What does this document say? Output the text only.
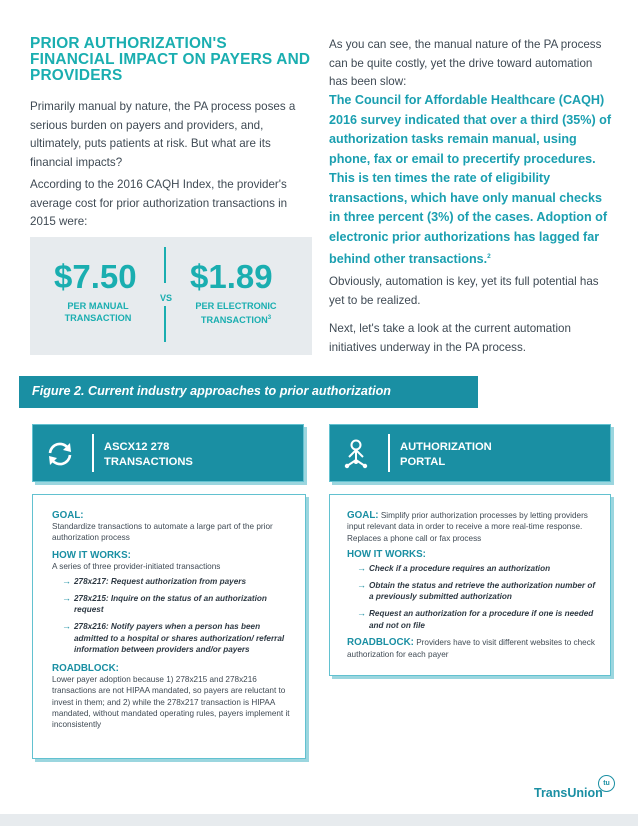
PRIOR AUTHORIZATION'S FINANCIAL IMPACT ON PAYERS AND PROVIDERS
Primarily manual by nature, the PA process poses a serious burden on payers and providers, and, ultimately, puts patients at risk. But what are its financial impacts?
According to the 2016 CAQH Index, the provider's average cost for prior authorization transactions in 2015 were:
$7.50
PER MANUAL
TRANSACTION
VS
$1.89
PER ELECTRONIC
TRANSACTION$^3$
As you can see, the manual nature of the PA process can be quite costly, yet the drive toward automation has been slow:
The Council for Affordable Healthcare (CAQH) 2016 survey indicated that over a third (35%) of authorization tasks remain manual, using phone, fax or email to precertify procedures. This is ten times the rate of eligibility transactions, which have only manual checks in three percent (3%) of the cases. Adoption of electronic prior authorizations has lagged far behind other transactions.$^2$
Obviously, automation is key, yet its full potential has yet to be realized.
Next, let's take a look at the current automation initiatives underway in the PA process.
Figure 2. Current industry approaches to prior authorization
ASCX12 278
TRANSACTIONS
AUTHORIZATION
PORTAL
GOAL:
Standardize transactions to automate a large part of the prior authorization process
HOW IT WORKS:
A series of three provider-initiated transactions
→ 278x217: Request authorization from payers
→ 278x215: Inquire on the status of an authorization request
→ 278x216: Notify payers when a person has been admitted to a hospital or shares authorization/ referral information between providers and/or payers
ROADBLOCK:
Lower payer adoption because 1) 278x215 and 278x216 transactions are not HIPAA mandated, so payers are reluctant to invest in them; and 2) while the 278x217 transaction is HIPAA mandated, without mandated operating rules, payers implement it inconsistently
GOAL: Simplify prior authorization processes by letting providers input relevant data in order to receive a more real-time response. Replaces a phone call or fax process
HOW IT WORKS:
→ Check if a procedure requires an authorization
→ Obtain the status and retrieve the authorization number of a previously submitted authorization
→ Request an authorization for a procedure if one is needed and not on file
ROADBLOCK: Providers have to visit different websites to check authorization for each payer
TransUnion
tu
